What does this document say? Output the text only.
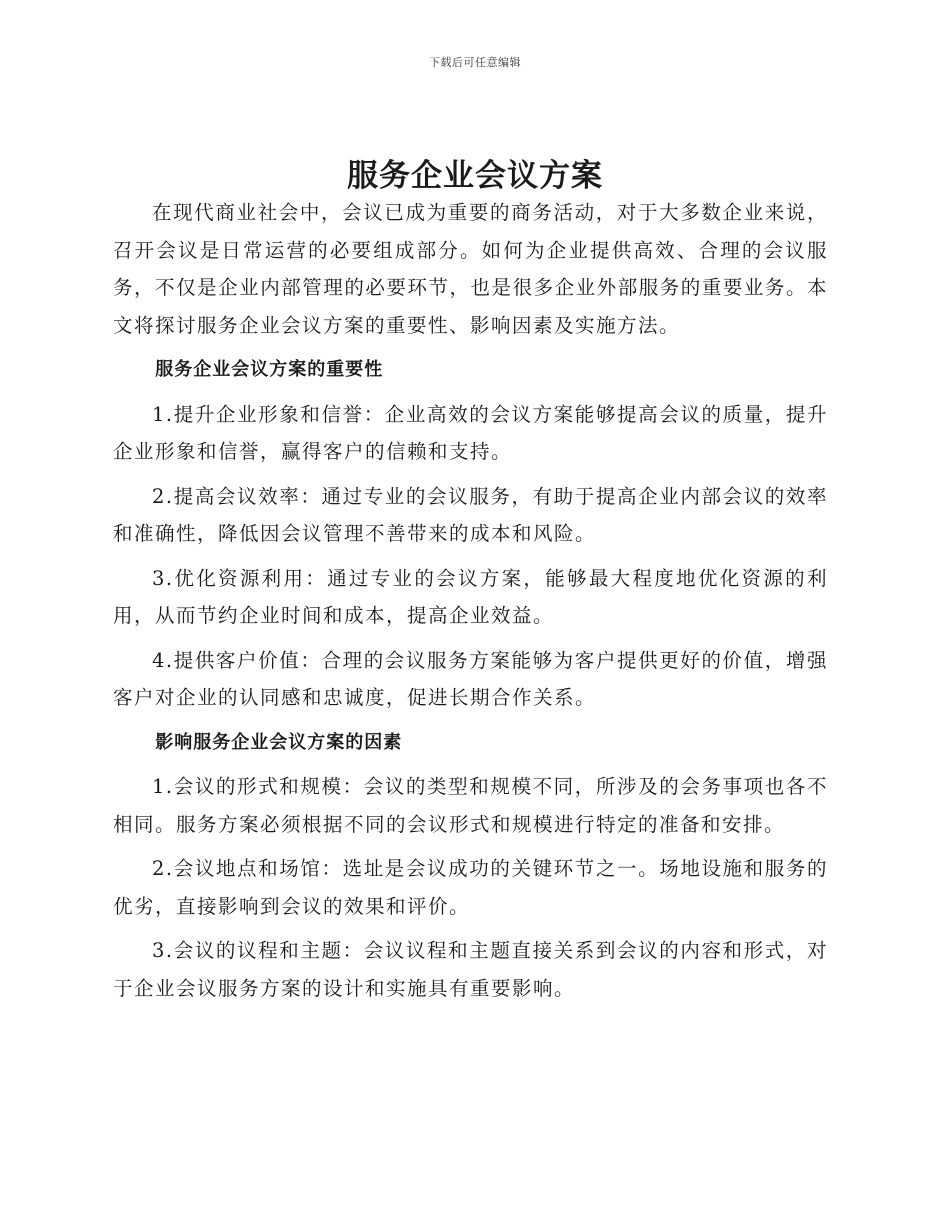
下载后可任意编辑
服务企业会议方案

在现代商业社会中，会议已成为重要的商务活动，对于大多数企业来说，召开会议是日常运营的必要组成部分。如何为企业提供高效、合理的会议服务，不仅是企业内部管理的必要环节，也是很多企业外部服务的重要业务。本文将探讨服务企业会议方案的重要性、影响因素及实施方法。

服务企业会议方案的重要性

1.提升企业形象和信誉：企业高效的会议方案能够提高会议的质量，提升企业形象和信誉，赢得客户的信赖和支持。

2.提高会议效率：通过专业的会议服务，有助于提高企业内部会议的效率和准确性，降低因会议管理不善带来的成本和风险。

3.优化资源利用：通过专业的会议方案，能够最大程度地优化资源的利用，从而节约企业时间和成本，提高企业效益。

4.提供客户价值：合理的会议服务方案能够为客户提供更好的价值，增强客户对企业的认同感和忠诚度，促进长期合作关系。

影响服务企业会议方案的因素

1.会议的形式和规模：会议的类型和规模不同，所涉及的会务事项也各不相同。服务方案必须根据不同的会议形式和规模进行特定的准备和安排。

2.会议地点和场馆：选址是会议成功的关键环节之一。场地设施和服务的优劣，直接影响到会议的效果和评价。

3.会议的议程和主题：会议议程和主题直接关系到会议的内容和形式，对于企业会议服务方案的设计和实施具有重要影响。
